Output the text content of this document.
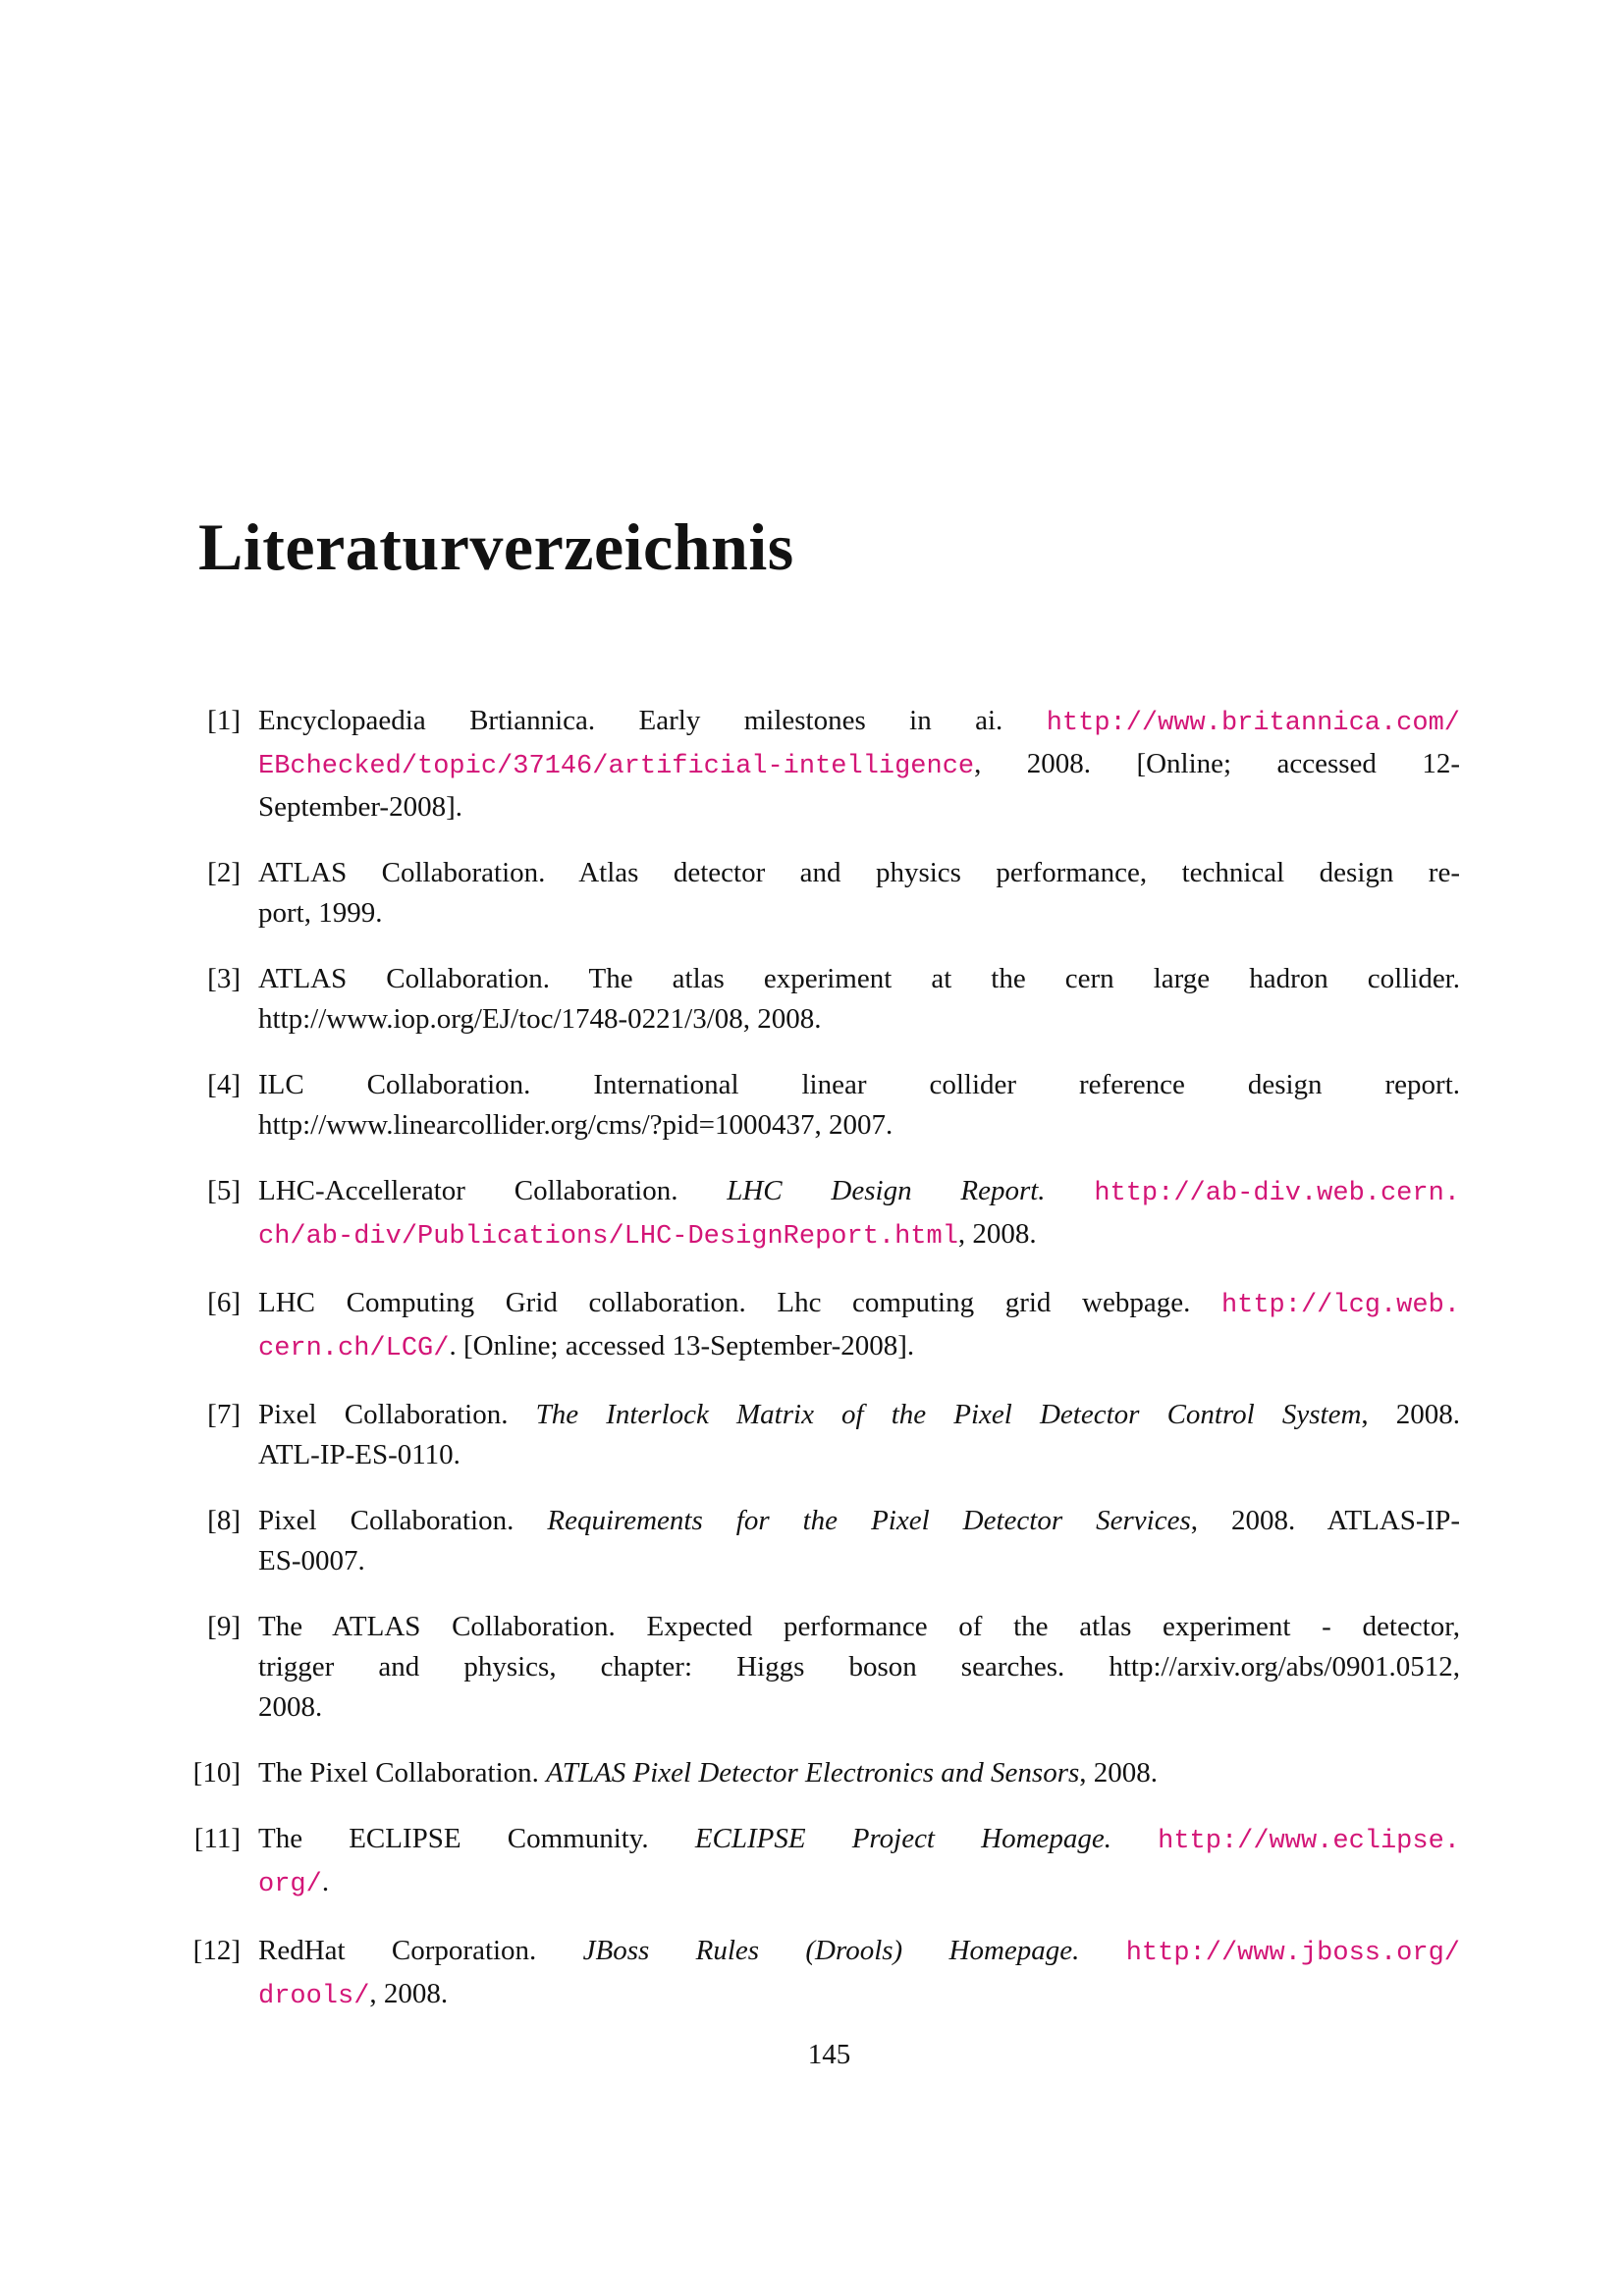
Literaturverzeichnis
[1] Encyclopaedia Brtiannica. Early milestones in ai. http://www.britannica.com/
EBchecked/topic/37146/artificial-intelligence, 2008. [Online; accessed 12-
September-2008].
[2] ATLAS Collaboration. Atlas detector and physics performance, technical design re-
port, 1999.
[3] ATLAS Collaboration. The atlas experiment at the cern large hadron collider.
http://www.iop.org/EJ/toc/1748-0221/3/08, 2008.
[4] ILC Collaboration. International linear collider reference design report.
http://www.linearcollider.org/cms/?pid=1000437, 2007.
[5] LHC-Accellerator Collaboration. LHC Design Report. http://ab-div.web.cern.
ch/ab-div/Publications/LHC-DesignReport.html, 2008.
[6] LHC Computing Grid collaboration. Lhc computing grid webpage. http://lcg.web.
cern.ch/LCG/. [Online; accessed 13-September-2008].
[7] Pixel Collaboration. The Interlock Matrix of the Pixel Detector Control System, 2008.
ATL-IP-ES-0110.
[8] Pixel Collaboration. Requirements for the Pixel Detector Services, 2008. ATLAS-IP-
ES-0007.
[9] The ATLAS Collaboration. Expected performance of the atlas experiment - detector,
trigger and physics, chapter: Higgs boson searches. http://arxiv.org/abs/0901.0512,
2008.
[10] The Pixel Collaboration. ATLAS Pixel Detector Electronics and Sensors, 2008.
[11] The ECLIPSE Community. ECLIPSE Project Homepage. http://www.eclipse.
org/.
[12] RedHat Corporation. JBoss Rules (Drools) Homepage. http://www.jboss.org/
drools/, 2008.
145
